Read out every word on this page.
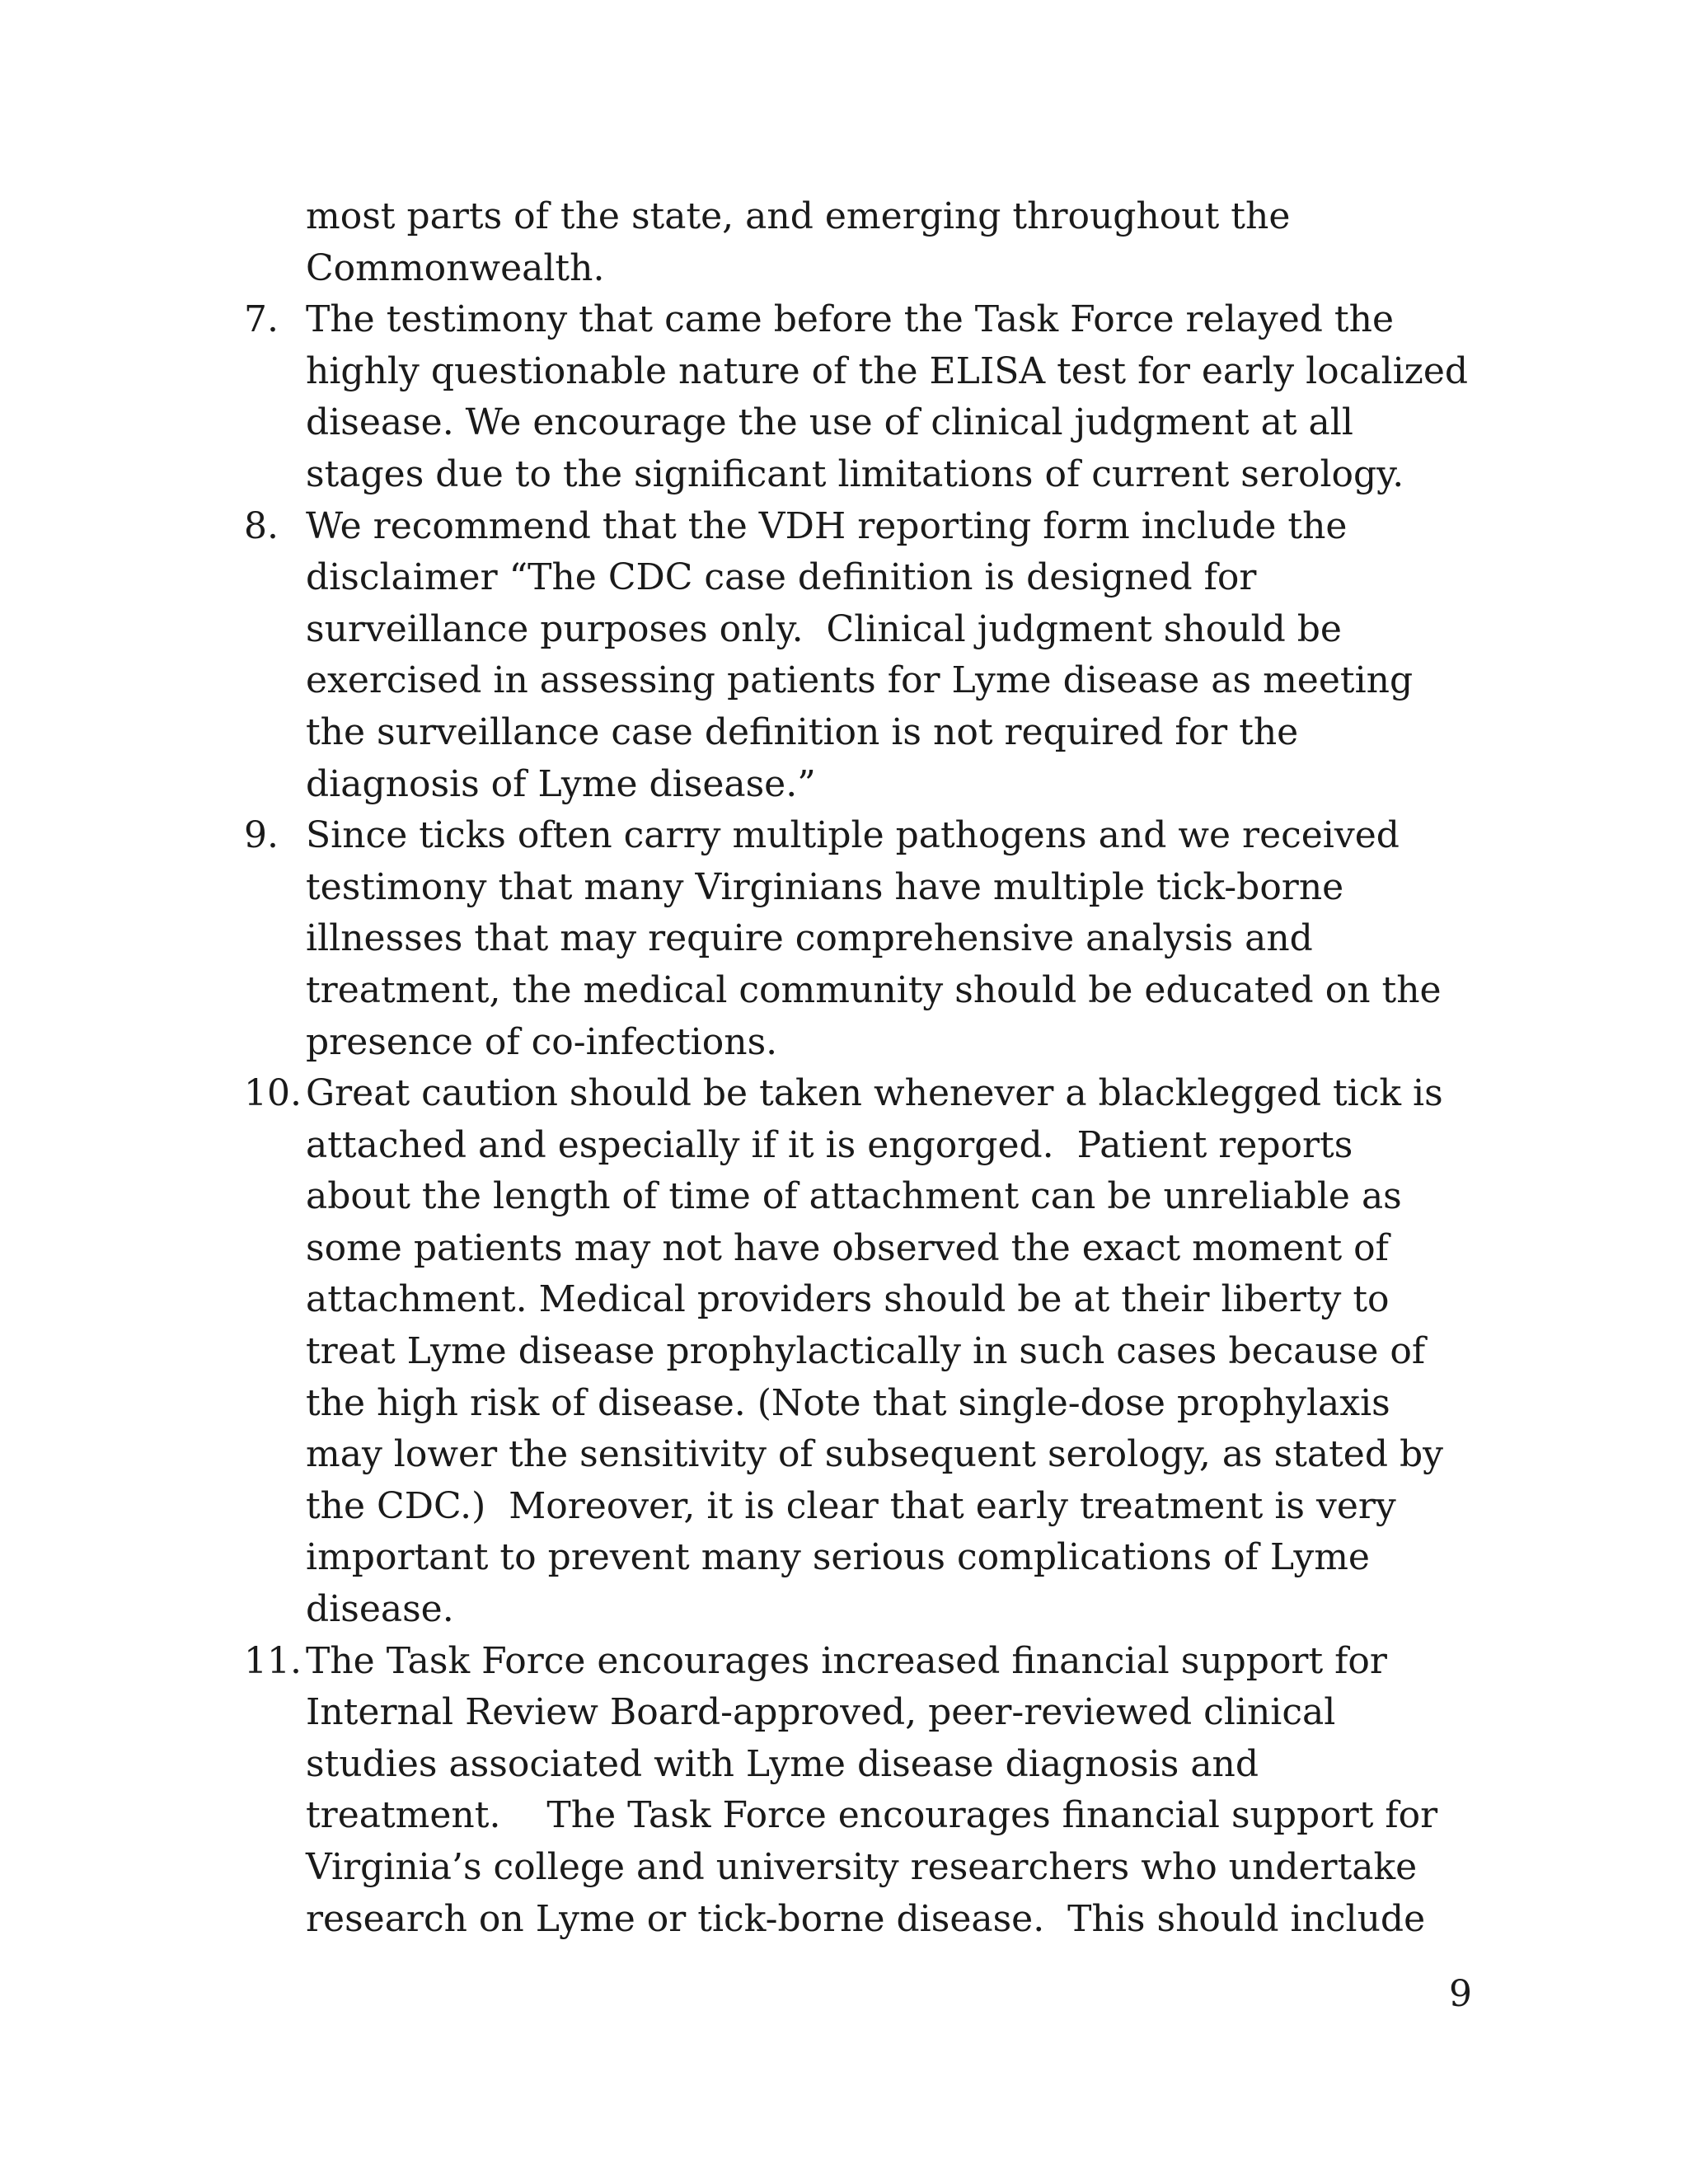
most parts of the state, and emerging throughout the
Commonwealth.
7. The testimony that came before the Task Force relayed the
highly questionable nature of the ELISA test for early localized
disease. We encourage the use of clinical judgment at all
stages due to the significant limitations of current serology.
8. We recommend that the VDH reporting form include the
disclaimer “The CDC case definition is designed for
surveillance purposes only.  Clinical judgment should be
exercised in assessing patients for Lyme disease as meeting
the surveillance case definition is not required for the
diagnosis of Lyme disease.”
9. Since ticks often carry multiple pathogens and we received
testimony that many Virginians have multiple tick-borne
illnesses that may require comprehensive analysis and
treatment, the medical community should be educated on the
presence of co-infections.
10. Great caution should be taken whenever a blacklegged tick is
attached and especially if it is engorged.  Patient reports
about the length of time of attachment can be unreliable as
some patients may not have observed the exact moment of
attachment. Medical providers should be at their liberty to
treat Lyme disease prophylactically in such cases because of
the high risk of disease. (Note that single-dose prophylaxis
may lower the sensitivity of subsequent serology, as stated by
the CDC.)  Moreover, it is clear that early treatment is very
important to prevent many serious complications of Lyme
disease.
11. The Task Force encourages increased financial support for
Internal Review Board-approved, peer-reviewed clinical
studies associated with Lyme disease diagnosis and
treatment.    The Task Force encourages financial support for
Virginia’s college and university researchers who undertake
research on Lyme or tick-borne disease.  This should include
9
